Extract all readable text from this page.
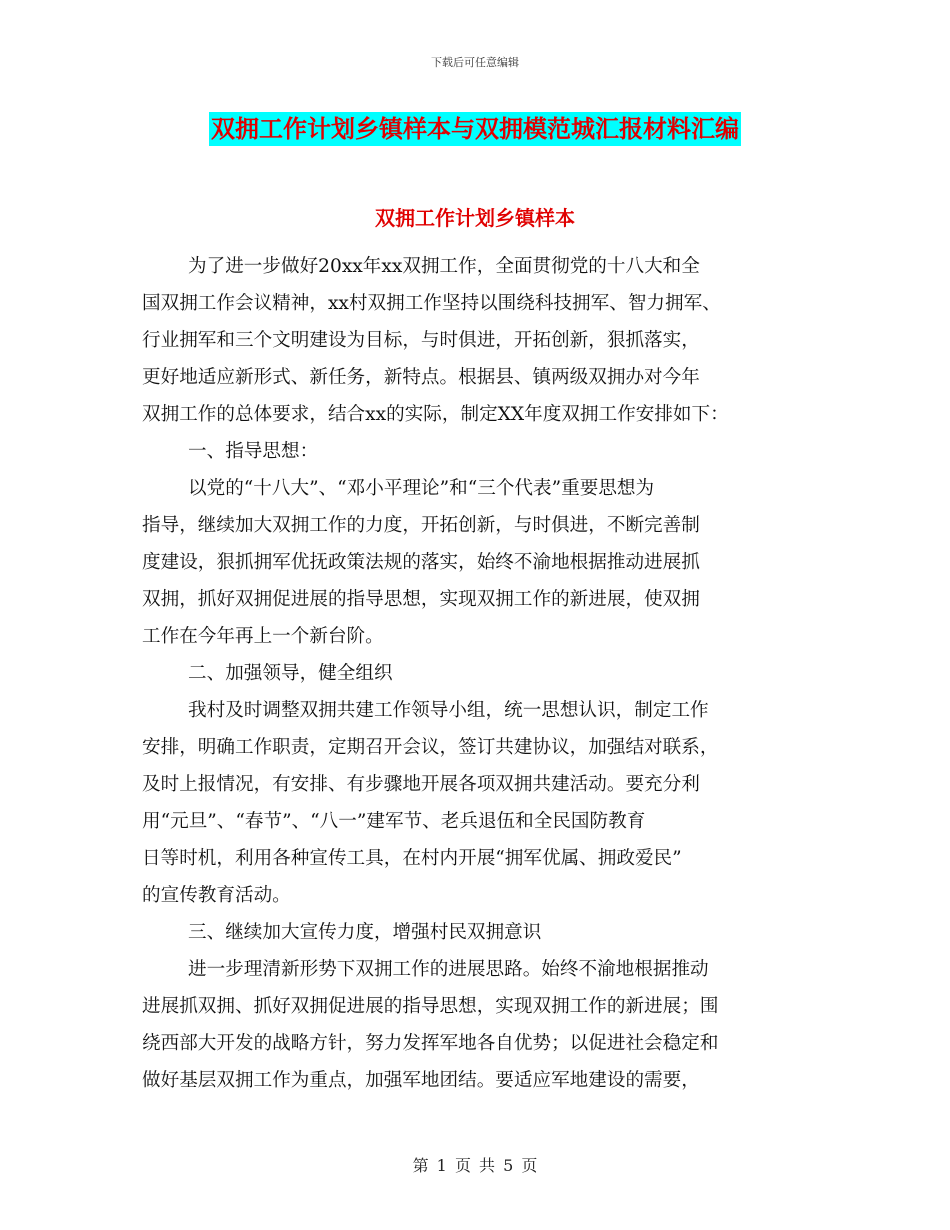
下载后可任意编辑
双拥工作计划乡镇样本与双拥模范城汇报材料汇编
双拥工作计划乡镇样本
为了进一步做好20xx年xx双拥工作，全面贯彻党的十八大和全
国双拥工作会议精神，xx村双拥工作坚持以围绕科技拥军、智力拥军、
行业拥军和三个文明建设为目标，与时俱进，开拓创新，狠抓落实，
更好地适应新形式、新任务，新特点。根据县、镇两级双拥办对今年
双拥工作的总体要求，结合xx的实际，制定XX年度双拥工作安排如下：
一、指导思想：
以党的“十八大”、“邓小平理论”和“三个代表”重要思想为
指导，继续加大双拥工作的力度，开拓创新，与时俱进，不断完善制
度建设，狠抓拥军优抚政策法规的落实，始终不渝地根据推动进展抓
双拥，抓好双拥促进展的指导思想，实现双拥工作的新进展，使双拥
工作在今年再上一个新台阶。
二、加强领导，健全组织
我村及时调整双拥共建工作领导小组，统一思想认识，制定工作
安排，明确工作职责，定期召开会议，签订共建协议，加强结对联系，
及时上报情况，有安排、有步骤地开展各项双拥共建活动。要充分利
用“元旦”、“春节”、“八一”建军节、老兵退伍和全民国防教育
日等时机，利用各种宣传工具，在村内开展“拥军优属、拥政爱民”
的宣传教育活动。
三、继续加大宣传力度，增强村民双拥意识
进一步理清新形势下双拥工作的进展思路。始终不渝地根据推动
进展抓双拥、抓好双拥促进展的指导思想，实现双拥工作的新进展；围
绕西部大开发的战略方针，努力发挥军地各自优势；以促进社会稳定和
做好基层双拥工作为重点，加强军地团结。要适应军地建设的需要，
第 1 页 共 5 页
